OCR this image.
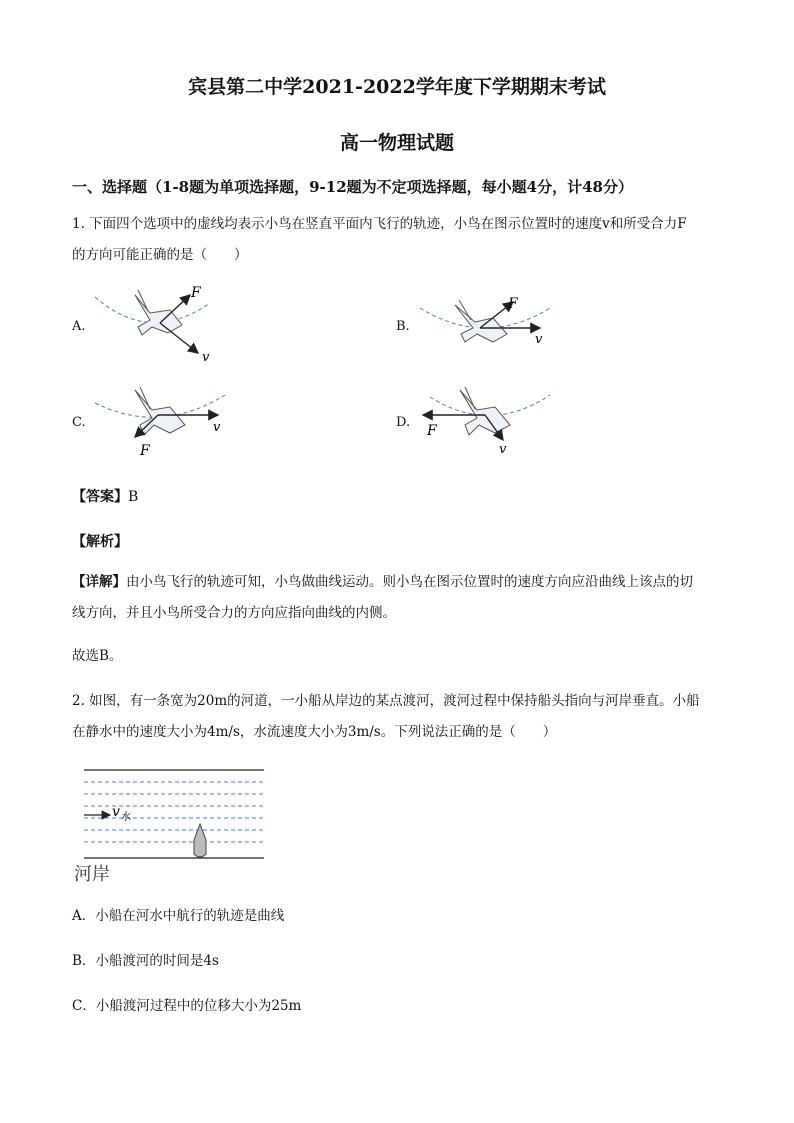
宾县第二中学2021-2022学年度下学期期末考试
高一物理试题
一、选择题（1-8题为单项选择题，9-12题为不定项选择题，每小题4分，计48分）
1. 下面四个选项中的虚线均表示小鸟在竖直平面内飞行的轨迹，小鸟在图示位置时的速度v和所受合力F
的方向可能正确的是（　　）
A.
F
v
B.
F
v
C.	v
F
D.
F
v
【答案】B
【解析】
【详解】由小鸟飞行的轨迹可知，小鸟做曲线运动。则小鸟在图示位置时的速度方向应沿曲线上该点的切
线方向，并且小鸟所受合力的方向应指向曲线的内侧。
故选B。
2. 如图，有一条宽为20m的河道，一小船从岸边的某点渡河，渡河过程中保持船头指向与河岸垂直。小船
在静水中的速度大小为4m/s，水流速度大小为3m/s。下列说法正确的是（　　）
v 水
河岸
A．小船在河水中航行的轨迹是曲线
B．小船渡河的时间是4s
C．小船渡河过程中的位移大小为25m
